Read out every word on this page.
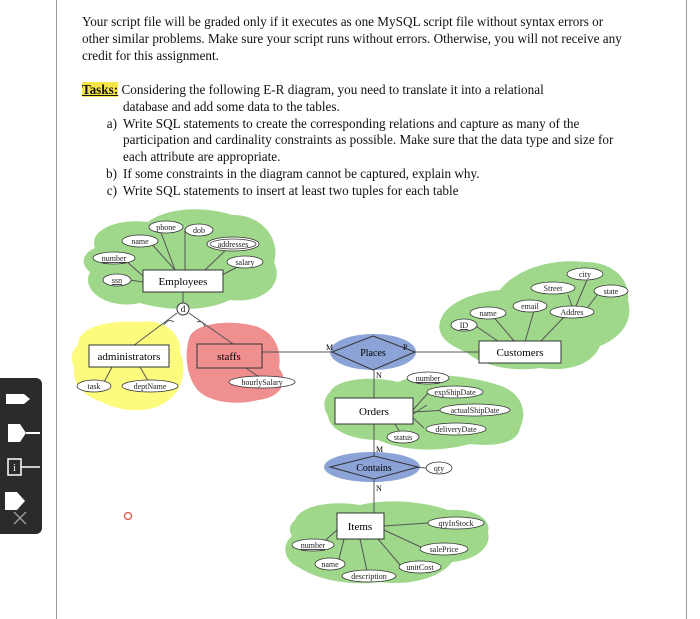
Your script file will be graded only if it executes as one MySQL script file without syntax errors or other similar problems. Make sure your script runs without errors. Otherwise, you will not receive any credit for this assignment.

Tasks: Considering the following E-R diagram, you need to translate it into a relational

database and add some data to the tables.

a) Write SQL statements to create the corresponding relations and capture as many of the participation and cardinality constraints as possible. Make sure that the data type and size for each attribute are appropriate.
b) If some constraints in the diagram cannot be captured, explain why.
c) Write SQL statements to insert at least two tuples for each table
d
Employees
administrators	staffs	Customers
Orders
Items
Places
Contains
M	P
N
M
N
phone dob
name	addresses
salary
number
ssn
task	deptName	hourlySalary
city
Street	state
email
Addres
name
ID
number
expShipDate
actualShipDate
deliveryDate
status
qty
qtyInStock
salePrice
unitCost
number
name
description
i
